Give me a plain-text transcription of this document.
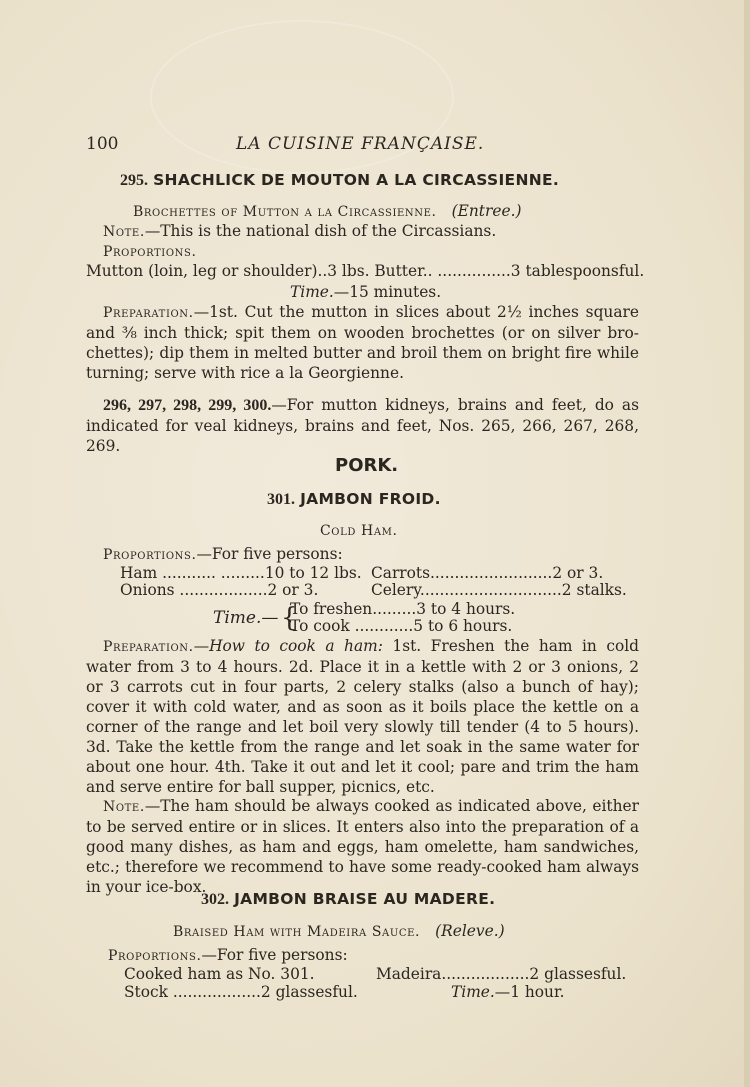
100	LA CUISINE FRANÇAISE.
295. SHACHLICK DE MOUTON A LA CIRCASSIENNE.
Brochettes of Mutton a la Circassienne. (Entree.)
Note.—This is the national dish of the Circassians.
Proportions.
Mutton (loin, leg or shoulder)..3 lbs. Butter.. ...............3 tablespoonsful.
Time.—15 minutes.
Preparation.—1st. Cut the mutton in slices about 2½ inches square and ⅜ inch thick; spit them on wooden brochettes (or on silver bro- chettes); dip them in melted butter and broil them on bright fire while turning; serve with rice a la Georgienne.
296, 297, 298, 299, 300.—For mutton kidneys, brains and feet, do as indicated for veal kidneys, brains and feet, Nos. 265, 266, 267, 268, 269.
PORK.
301. JAMBON FROID.
Cold Ham.
Proportions.—For five persons:
Ham ........... .........10 to 12 lbs. Carrots.........................2 or 3.
Onions ..................2 or 3.	Celery.............................2 stalks.
Time.— {
To freshen.........3 to 4 hours.
To cook ............5 to 6 hours.
Preparation.—How to cook a ham: 1st. Freshen the ham in cold water from 3 to 4 hours. 2d. Place it in a kettle with 2 or 3 onions, 2 or 3 carrots cut in four parts, 2 celery stalks (also a bunch of hay); cover it with cold water, and as soon as it boils place the kettle on a corner of the range and let boil very slowly till tender (4 to 5 hours). 3d. Take the kettle from the range and let soak in the same water for about one hour. 4th. Take it out and let it cool; pare and trim the ham and serve entire for ball supper, picnics, etc.
Note.—The ham should be always cooked as indicated above, either to be served entire or in slices. It enters also into the preparation of a good many dishes, as ham and eggs, ham omelette, ham sandwiches, etc.; therefore we recommend to have some ready-cooked ham always in your ice-box.
302. JAMBON BRAISE AU MADERE.
Braised Ham with Madeira Sauce. (Releve.)
Proportions.—For five persons:
Cooked ham as No. 301.	Madeira..................2 glassesful.
Stock ..................2 glassesful.	Time.—1 hour.
